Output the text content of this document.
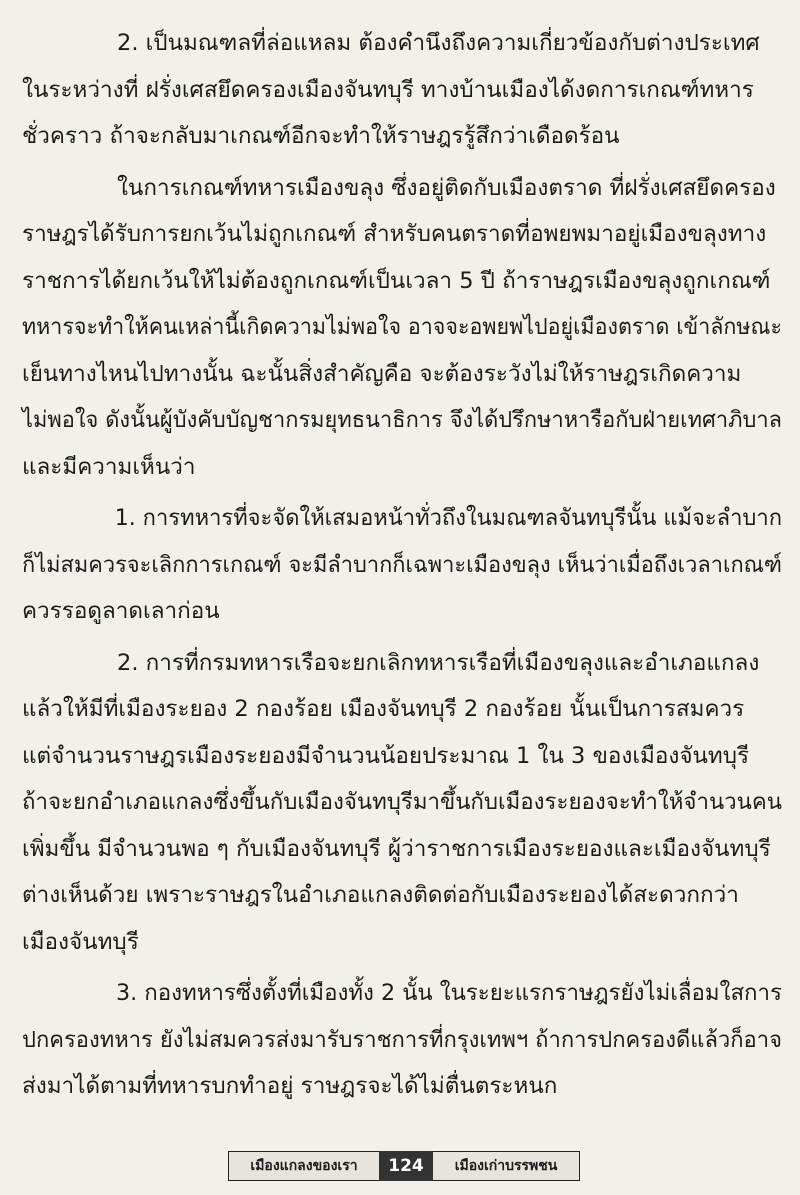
2. เป็นมณฑลที่ล่อแหลม ต้องคำนึงถึงความเกี่ยวข้องกับต่างประเทศ
ในระหว่างที่ ฝรั่งเศสยึดครองเมืองจันทบุรี ทางบ้านเมืองได้งดการเกณฑ์ทหาร
ชั่วคราว ถ้าจะกลับมาเกณฑ์อีกจะทำให้ราษฎรรู้สึกว่าเดือดร้อน

ในการเกณฑ์ทหารเมืองขลุง ซึ่งอยู่ติดกับเมืองตราด ที่ฝรั่งเศสยึดครอง
ราษฎรได้รับการยกเว้นไม่ถูกเกณฑ์ สำหรับคนตราดที่อพยพมาอยู่เมืองขลุงทาง
ราชการได้ยกเว้นให้ไม่ต้องถูกเกณฑ์เป็นเวลา 5 ปี ถ้าราษฎรเมืองขลุงถูกเกณฑ์
ทหารจะทำให้คนเหล่านี้เกิดความไม่พอใจ อาจจะอพยพไปอยู่เมืองตราด เข้าลักษณะ
เย็นทางไหนไปทางนั้น ฉะนั้นสิ่งสำคัญคือ จะต้องระวังไม่ให้ราษฎรเกิดความ
ไม่พอใจ ดังนั้นผู้บังคับบัญชากรมยุทธนาธิการ จึงได้ปรึกษาหารือกับฝ่ายเทศาภิบาล
และมีความเห็นว่า

1. การทหารที่จะจัดให้เสมอหน้าทั่วถึงในมณฑลจันทบุรีนั้น แม้จะลำบาก
ก็ไม่สมควรจะเลิกการเกณฑ์ จะมีลำบากก็เฉพาะเมืองขลุง เห็นว่าเมื่อถึงเวลาเกณฑ์
ควรรอดูลาดเลาก่อน

2. การที่กรมทหารเรือจะยกเลิกทหารเรือที่เมืองขลุงและอำเภอแกลง
แล้วให้มีที่เมืองระยอง 2 กองร้อย เมืองจันทบุรี 2 กองร้อย นั้นเป็นการสมควร
แต่จำนวนราษฎรเมืองระยองมีจำนวนน้อยประมาณ 1 ใน 3 ของเมืองจันทบุรี
ถ้าจะยกอำเภอแกลงซึ่งขึ้นกับเมืองจันทบุรีมาขึ้นกับเมืองระยองจะทำให้จำนวนคน
เพิ่มขึ้น มีจำนวนพอ ๆ กับเมืองจันทบุรี ผู้ว่าราชการเมืองระยองและเมืองจันทบุรี
ต่างเห็นด้วย เพราะราษฎรในอำเภอแกลงติดต่อกับเมืองระยองได้สะดวกกว่า
เมืองจันทบุรี

3. กองทหารซึ่งตั้งที่เมืองทั้ง 2 นั้น ในระยะแรกราษฎรยังไม่เลื่อมใสการ
ปกครองทหาร ยังไม่สมควรส่งมารับราชการที่กรุงเทพฯ ถ้าการปกครองดีแล้วก็อาจ
ส่งมาได้ตามที่ทหารบกทำอยู่ ราษฎรจะได้ไม่ตื่นตระหนก

เมืองแกลงของเรา	124	เมืองเก่าบรรพชน
